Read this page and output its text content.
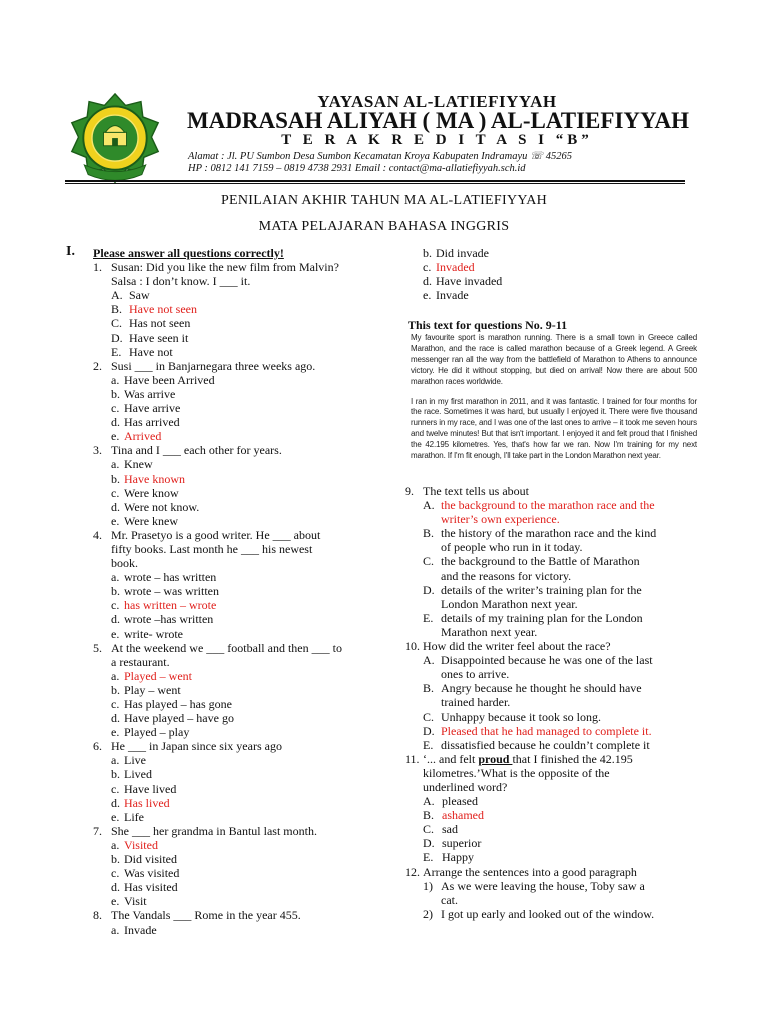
YAYASAN AL-LATIEFIYYAH
MADRASAH ALIYAH ( MA ) AL-LATIEFIYYAH
T E R A K R E D I T A S I “B”
Alamat : Jl. PU Sumbon Desa Sumbon Kecamatan Kroya Kabupaten Indramayu ☏ 45265
HP : 0812 141 7159 – 0819 4738 2931 Email : contact@ma-allatiefiyyah.sch.id
PENILAIAN AKHIR TAHUN MA AL-LATIEFIYYAH
MATA PELAJARAN BAHASA INGGRIS
I. Please answer all questions correctly!
1. Susan: Did you like the new film from Malvin?
Salsa : I don’t know. I ___ it.
A. Saw
B. Have not seen
C. Has not seen
D. Have seen it
E. Have not
2. Susi ___ in Banjarnegara three weeks ago.
a. Have been Arrived
b. Was arrive
c. Have arrive
d. Has arrived
e. Arrived
3. Tina and I ___ each other for years.
a. Knew
b. Have known
c. Were know
d. Were not know.
e. Were knew
4. Mr. Prasetyo is a good writer. He ___ about
fifty books. Last month he ___ his newest
book.
a. wrote – has written
b. wrote – was written
c. has written – wrote
d. wrote –has written
e. write- wrote
5. At the weekend we ___ football and then ___ to
a restaurant.
a. Played – went
b. Play – went
c. Has played – has gone
d. Have played – have go
e. Played – play
6. He ___ in Japan since six years ago
a. Live
b. Lived
c. Have lived
d. Has lived
e. Life
7. She ___ her grandma in Bantul last month.
a. Visited
b. Did visited
c. Was visited
d. Has visited
e. Visit
8. The Vandals ___ Rome in the year 455.
a. Invade
b. Did invade
c. Invaded
d. Have invaded
e. Invade
This text for questions No. 9-11

My favourite sport is marathon running. There is a small town in Greece called Marathon, and the race is called marathon because of a Greek legend. A Greek messenger ran all the way from the battlefield of Marathon to Athens to announce victory. He did it without stopping, but died on arrival! Now there are about 500 marathon races worldwide.

I ran in my first marathon in 2011, and it was fantastic. I trained for four months for the race. Sometimes it was hard, but usually I enjoyed it. There were five thousand runners in my race, and I was one of the last ones to arrive – it took me seven hours and twelve minutes! But that isn't important. I enjoyed it and felt proud that I finished the 42.195 kilometres. Yes, that's how far we ran. Now I'm training for my next marathon. If I'm fit enough, I'll take part in the London Marathon next year.

9. The text tells us about
A. the background to the marathon race and the
writer’s own experience.
B. the history of the marathon race and the kind
of people who run in it today.
C. the background to the Battle of Marathon
and the reasons for victory.
D. details of the writer’s training plan for the
London Marathon next year.
E. details of my training plan for the London
Marathon next year.
10. How did the writer feel about the race?
A. Disappointed because he was one of the last
ones to arrive.
B. Angry because he thought he should have
trained harder.
C. Unhappy because it took so long.
D. Pleased that he had managed to complete it.
E. dissatisfied because he couldn’t complete it
11. ‘... and felt proud that I finished the 42.195
kilometres.’What is the opposite of the
underlined word?
A. pleased
B. ashamed
C. sad
D. superior
E. Happy
12. Arrange the sentences into a good paragraph
1) As we were leaving the house, Toby saw a
cat.
2) I got up early and looked out of the window.
